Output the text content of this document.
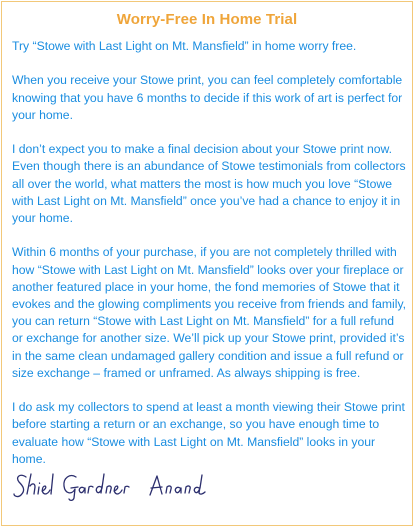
Worry-Free In Home Trial

Try “Stowe with Last Light on Mt. Mansfield” in home worry free.

When you receive your Stowe print, you can feel completely comfortable knowing that you have 6 months to decide if this work of art is perfect for your home.

I don’t expect you to make a final decision about your Stowe print now. Even though there is an abundance of Stowe testimonials from collectors all over the world, what matters the most is how much you love “Stowe with Last Light on Mt. Mansfield” once you’ve had a chance to enjoy it in your home.

Within 6 months of your purchase, if you are not completely thrilled with how “Stowe with Last Light on Mt. Mansfield” looks over your fireplace or another featured place in your home, the fond memories of Stowe that it evokes and the glowing compliments you receive from friends and family, you can return “Stowe with Last Light on Mt. Mansfield” for a full refund or exchange for another size. We’ll pick up your Stowe print, provided it’s in the same clean undamaged gallery condition and issue a full refund or size exchange – framed or unframed. As always shipping is free.

I do ask my collectors to spend at least a month viewing their Stowe print before starting a return or an exchange, so you have enough time to evaluate how “Stowe with Last Light on Mt. Mansfield” looks in your home.
